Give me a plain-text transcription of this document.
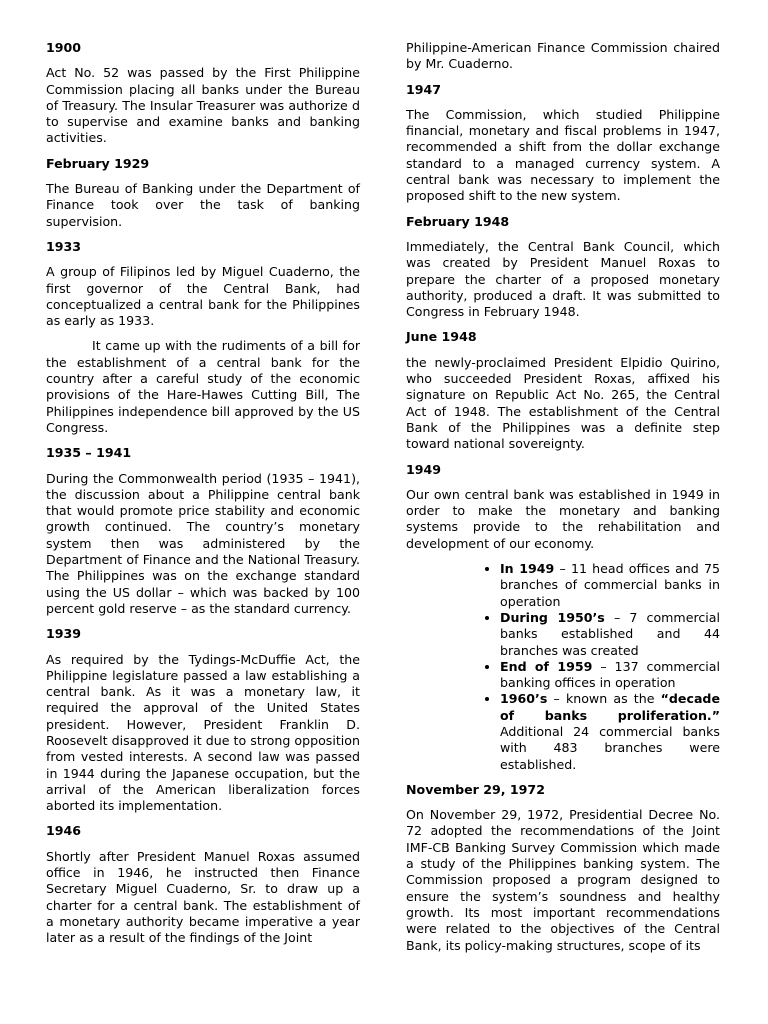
1900

Act No. 52 was passed by the First Philippine Commission placing all banks under the Bureau of Treasury. The Insular Treasurer was authorize d to supervise and examine banks and banking activities.

February 1929

The Bureau of Banking under the Department of Finance took over the task of banking supervision.

1933

A group of Filipinos led by Miguel Cuaderno, the first governor of the Central Bank, had conceptualized a central bank for the Philippines as early as 1933.

It came up with the rudiments of a bill for the establishment of a central bank for the country after a careful study of the economic provisions of the Hare-Hawes Cutting Bill, The Philippines independence bill approved by the US Congress.

1935 – 1941

During the Commonwealth period (1935 – 1941), the discussion about a Philippine central bank that would promote price stability and economic growth continued. The country’s monetary system then was administered by the Department of Finance and the National Treasury. The Philippines was on the exchange standard using the US dollar – which was backed by 100 percent gold reserve – as the standard currency.

1939

As required by the Tydings-McDuffie Act, the Philippine legislature passed a law establishing a central bank. As it was a monetary law, it required the approval of the United States president. However, President Franklin D. Roosevelt disapproved it due to strong opposition from vested interests. A second law was passed in 1944 during the Japanese occupation, but the arrival of the American liberalization forces aborted its implementation.

1946

Shortly after President Manuel Roxas assumed office in 1946, he instructed then Finance Secretary Miguel Cuaderno, Sr. to draw up a charter for a central bank. The establishment of a monetary authority became imperative a year later as a result of the findings of the Joint

Philippine-American Finance Commission chaired by Mr. Cuaderno.

1947

The Commission, which studied Philippine financial, monetary and fiscal problems in 1947, recommended a shift from the dollar exchange standard to a managed currency system. A central bank was necessary to implement the proposed shift to the new system.

February 1948

Immediately, the Central Bank Council, which was created by President Manuel Roxas to prepare the charter of a proposed monetary authority, produced a draft. It was submitted to Congress in February 1948.

June 1948

the newly-proclaimed President Elpidio Quirino, who succeeded President Roxas, affixed his signature on Republic Act No. 265, the Central Act of 1948. The establishment of the Central Bank of the Philippines was a definite step toward national sovereignty.

1949

Our own central bank was established in 1949 in order to make the monetary and banking systems provide to the rehabilitation and development of our economy.

• In 1949 – 11 head offices and 75 branches of commercial banks in operation
• During 1950’s – 7 commercial banks established and 44 branches was created
• End of 1959 – 137 commercial banking offices in operation
• 1960’s – known as the “decade of banks proliferation.” Additional 24 commercial banks with 483 branches were established.
November 29, 1972

On November 29, 1972, Presidential Decree No. 72 adopted the recommendations of the Joint IMF-CB Banking Survey Commission which made a study of the Philippines banking system. The Commission proposed a program designed to ensure the system’s soundness and healthy growth. Its most important recommendations were related to the objectives of the Central Bank, its policy-making structures, scope of its
